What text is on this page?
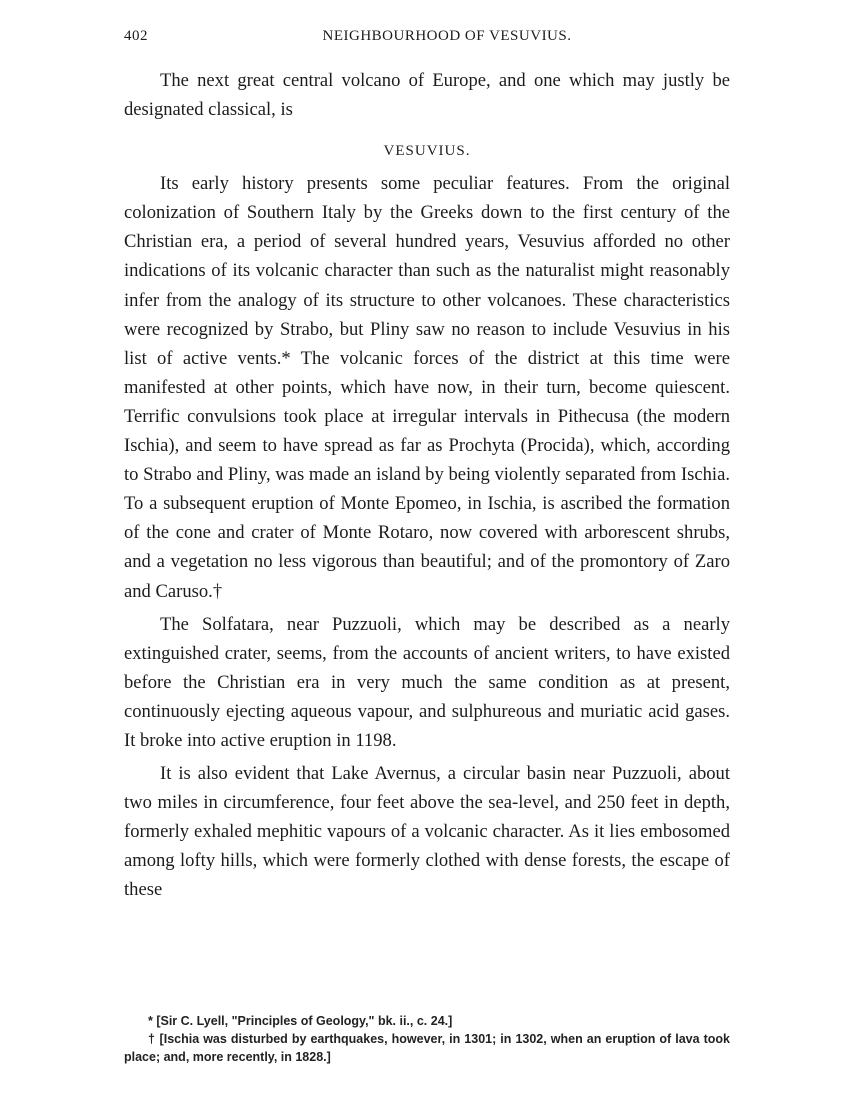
402	NEIGHBOURHOOD OF VESUVIUS.

The next great central volcano of Europe, and one which may justly be designated classical, is

VESUVIUS.

Its early history presents some peculiar features. From the original colonization of Southern Italy by the Greeks down to the first century of the Christian era, a period of several hundred years, Vesuvius afforded no other indications of its volcanic character than such as the naturalist might reasonably infer from the analogy of its structure to other volcanoes. These characteristics were recognized by Strabo, but Pliny saw no reason to include Vesuvius in his list of active vents.* The volcanic forces of the district at this time were manifested at other points, which have now, in their turn, become quiescent. Terrific convulsions took place at irregular intervals in Pithecusa (the modern Ischia), and seem to have spread as far as Prochyta (Procida), which, according to Strabo and Pliny, was made an island by being violently separated from Ischia. To a subsequent eruption of Monte Epomeo, in Ischia, is ascribed the formation of the cone and crater of Monte Rotaro, now covered with arborescent shrubs, and a vegetation no less vigorous than beautiful; and of the promontory of Zaro and Caruso.†

The Solfatara, near Puzzuoli, which may be described as a nearly extinguished crater, seems, from the accounts of ancient writers, to have existed before the Christian era in very much the same condition as at present, continuously ejecting aqueous vapour, and sulphureous and muriatic acid gases. It broke into active eruption in 1198.

It is also evident that Lake Avernus, a circular basin near Puzzuoli, about two miles in circumference, four feet above the sea-level, and 250 feet in depth, formerly exhaled mephitic vapours of a volcanic character. As it lies embosomed among lofty hills, which were formerly clothed with dense forests, the escape of these

* [Sir C. Lyell, "Principles of Geology," bk. ii., c. 24.]

† [Ischia was disturbed by earthquakes, however, in 1301; in 1302, when an eruption of lava took place; and, more recently, in 1828.]
